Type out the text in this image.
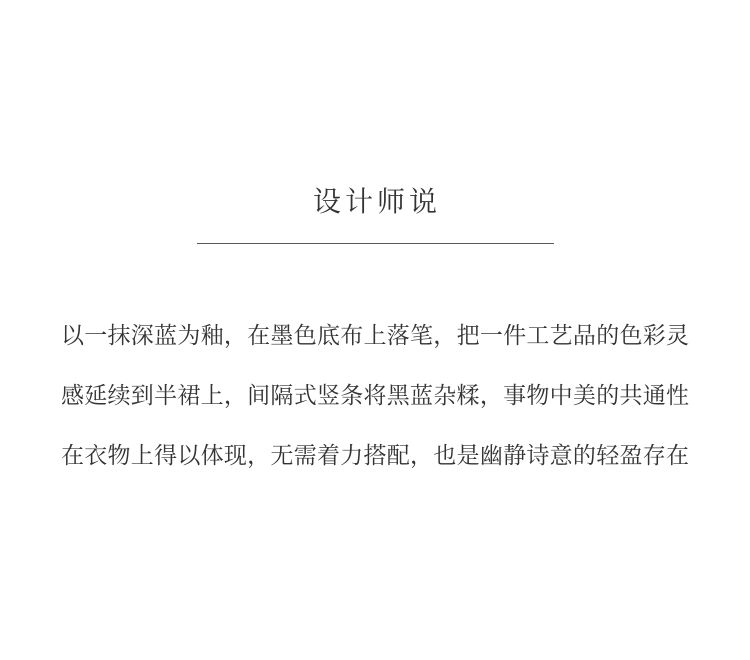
设计师说
以一抹深蓝为釉，在墨色底布上落笔，把一件工艺品的色彩灵
感延续到半裙上，间隔式竖条将黑蓝杂糅，事物中美的共通性
在衣物上得以体现，无需着力搭配，也是幽静诗意的轻盈存在
